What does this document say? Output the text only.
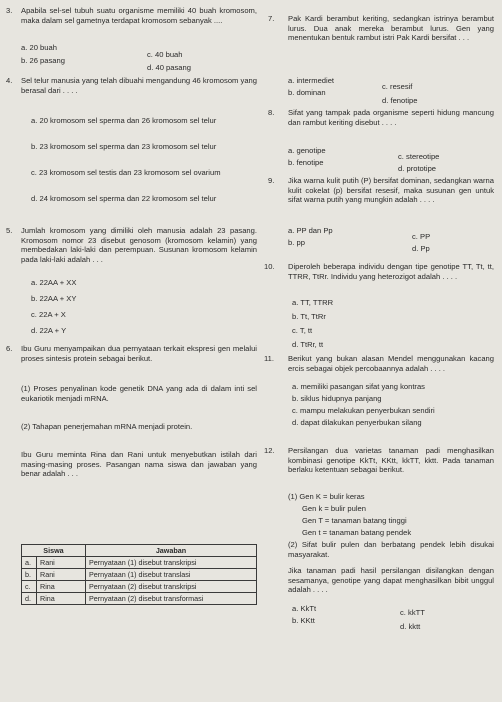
3. Apabila sel-sel tubuh suatu organisme memiliki 40 buah kromosom, maka dalam sel gametnya terdapat kromosom sebanyak ....
a. 20 buah
b. 26 pasang
c. 40 buah
d. 40 pasang
4. Sel telur manusia yang telah dibuahi mengandung 46 kromosom yang berasal dari . . . .
a. 20 kromosom sel sperma dan 26 kromosom sel telur
b. 23 kromosom sel sperma dan 23 kromosom sel telur
c. 23 kromosom sel testis dan 23 kromosom sel ovarium
d. 24 kromosom sel sperma dan 22 kromosom sel telur
5. Jumlah kromosom yang dimiliki oleh manusia adalah 23 pasang. Kromosom nomor 23 disebut genosom (kromosom kelamin) yang membedakan laki-laki dan perempuan. Susunan kromosom kelamin pada laki-laki adalah . . .
a. 22AA + XX
b. 22AA + XY
c. 22A + X
d. 22A + Y
6. Ibu Guru menyampaikan dua pernyataan terkait ekspresi gen melalui proses sintesis protein sebagai berikut.
(1) Proses penyalinan kode genetik DNA yang ada di dalam inti sel eukariotik menjadi mRNA.
(2) Tahapan penerjemahan mRNA menjadi protein.
Ibu Guru meminta Rina dan Rani untuk menyebutkan istilah dari masing-masing proses. Pasangan nama siswa dan jawaban yang benar adalah . . .
Siswa		Jawaban
a.	Rani	Pernyataan (1) disebut transkripsi
b.	Rani	Pernyataan (1) disebut translasi
c.	Rina	Pernyataan (2) disebut transkripsi
d.	Rina	Pernyataan (2) disebut transformasi
7. Pak Kardi berambut keriting, sedangkan istrinya berambut lurus. Dua anak mereka berambut lurus. Gen yang menentukan bentuk rambut istri Pak Kardi bersifat . . .
a. intermediet
b. dominan
c. resesif
d. fenotipe
8. Sifat yang tampak pada organisme seperti hidung mancung dan rambut keriting disebut . . . .
a. genotipe
b. fenotipe
c. stereotipe
d. prototipe
9. Jika warna kulit putih (P) bersifat dominan, sedangkan warna kulit cokelat (p) bersifat resesif, maka susunan gen untuk sifat warna putih yang mungkin adalah . . . .
a. PP dan Pp
b. pp
c. PP
d. Pp
10. Diperoleh beberapa individu dengan tipe genotipe TT, Tt, tt, TTRR, TtRr. Individu yang heterozigot adalah . . . .
a. TT, TTRR
b. Tt, TtRr
c. T, tt
d. TtRr, tt
11. Berikut yang bukan alasan Mendel menggunakan kacang ercis sebagai objek percobaannya adalah . . . .
a. memiliki pasangan sifat yang kontras
b. siklus hidupnya panjang
c. mampu melakukan penyerbukan sendiri
d. dapat dilakukan penyerbukan silang
12. Persilangan dua varietas tanaman padi menghasilkan kombinasi genotipe KkTt, KKtt, kkTT, kktt. Pada tanaman berlaku ketentuan sebagai berikut.
(1) Gen K = bulir keras
Gen k = bulir pulen
Gen T = tanaman batang tinggi
Gen t = tanaman batang pendek
(2) Sifat bulir pulen dan berbatang pendek lebih disukai masyarakat.
Jika tanaman padi hasil persilangan disilangkan dengan sesamanya, genotipe yang dapat menghasilkan bibit unggul adalah . . . .
a. KkTt
b. KKtt
c. kkTT
d. kktt
